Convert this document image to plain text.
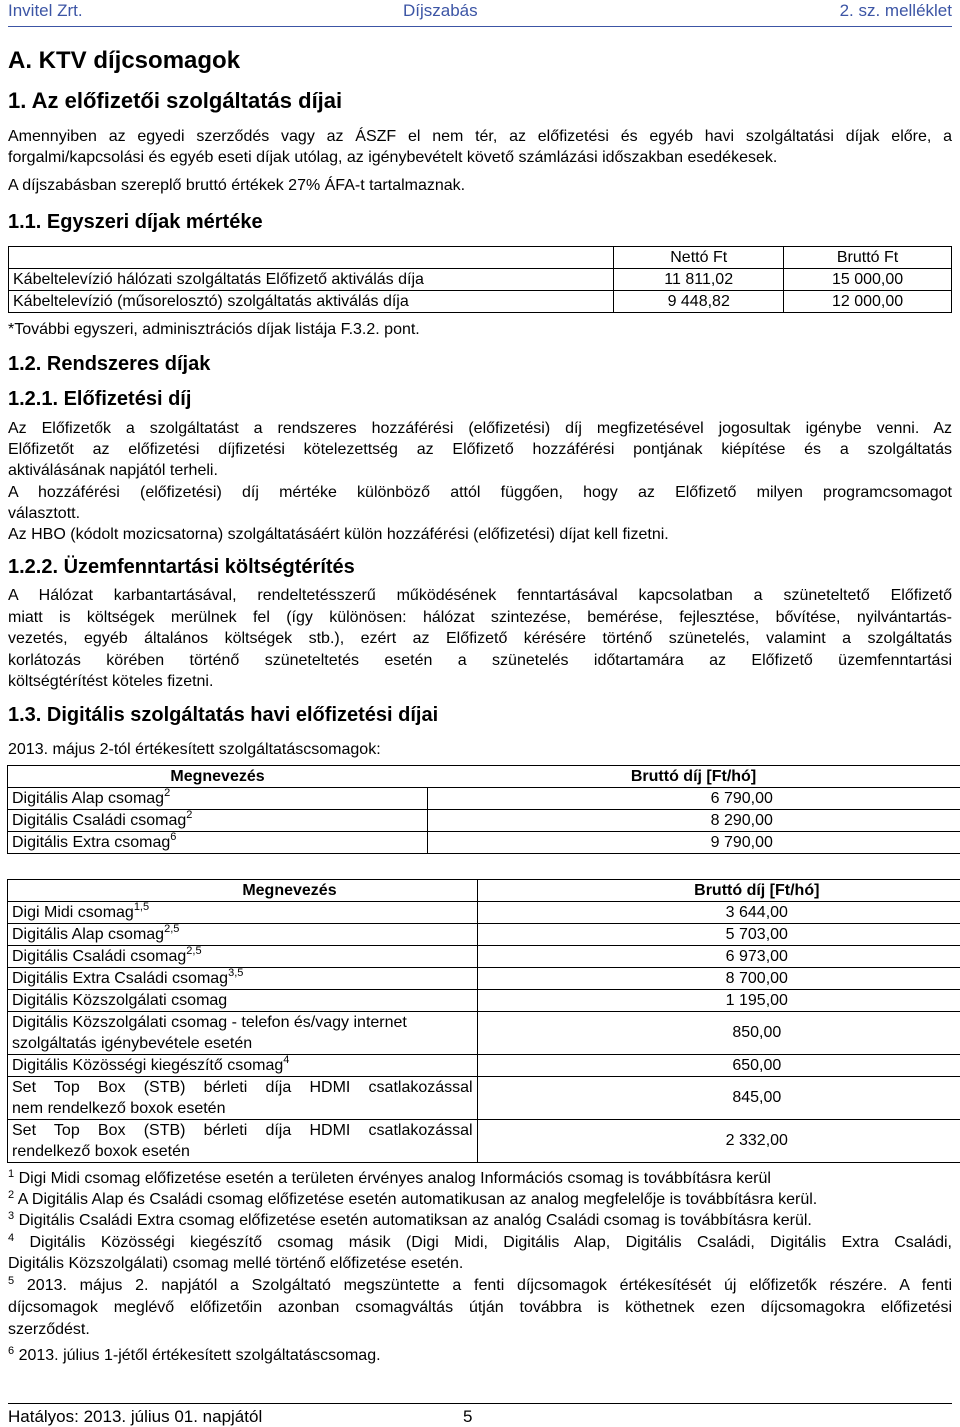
Invitel Zrt.	Díjszabás	2. sz. melléklet
A. KTV díjcsomagok
1. Az előfizetői szolgáltatás díjai
Amennyiben az egyedi szerződés vagy az ÁSZF el nem tér, az előfizetési és egyéb havi szolgáltatási díjak előre, a
forgalmi/kapcsolási és egyéb eseti díjak utólag, az igénybevételt követő számlázási időszakban esedékesek.
A díjszabásban szereplő bruttó értékek 27% ÁFA-t tartalmaznak.
1.1. Egyszeri díjak mértéke
	Nettó Ft	Bruttó Ft
Kábeltelevízió hálózati szolgáltatás Előfizető aktiválás díja	11 811,02	15 000,00
Kábeltelevízió (műsorelosztó) szolgáltatás aktiválás díja	9 448,82	12 000,00
*További egyszeri, adminisztrációs díjak listája F.3.2. pont.
1.2. Rendszeres díjak
1.2.1. Előfizetési díj
Az Előfizetők a szolgáltatást a rendszeres hozzáférési (előfizetési) díj megfizetésével jogosultak igénybe venni. Az
Előfizetőt az előfizetési díjfizetési kötelezettség az Előfizető hozzáférési pontjának kiépítése és a szolgáltatás
aktiválásának napjától terheli.
A hozzáférési (előfizetési) díj mértéke különböző attól függően, hogy az Előfizető milyen programcsomagot
választott.
Az HBO (kódolt mozicsatorna) szolgáltatásáért külön hozzáférési (előfizetési) díjat kell fizetni.
1.2.2. Üzemfenntartási költségtérítés
A Hálózat karbantartásával, rendeltetésszerű működésének fenntartásával kapcsolatban a szüneteltető Előfizető
miatt is költségek merülnek fel (így különösen: hálózat szintezése, bemérése, fejlesztése, bővítése, nyilvántartás-
vezetés, egyéb általános költségek stb.), ezért az Előfizető kérésére történő szünetelés, valamint a szolgáltatás
korlátozás körében történő szüneteltetés esetén a szünetelés időtartamára az Előfizető üzemfenntartási
költségtérítést köteles fizetni.
1.3. Digitális szolgáltatás havi előfizetési díjai
2013. május 2-tól értékesített szolgáltatáscsomagok:
Megnevezés	Bruttó díj [Ft/hó]
Digitális Alap csomag$^2$	6 790,00
Digitális Családi csomag$^2$	8 290,00
Digitális Extra csomag$^6$	9 790,00
Megnevezés	Bruttó díj [Ft/hó]
Digi Midi csomag$^{1,5}$	3 644,00
Digitális Alap csomag$^{2,5}$	5 703,00
Digitális Családi csomag$^{2,5}$	6 973,00
Digitális Extra Családi csomag$^{3,5}$	8 700,00
Digitális Közszolgálati csomag	1 195,00
Digitális Közszolgálati csomag - telefon és/vagy internet
szolgáltatás igénybevétele esetén	850,00
Digitális Közösségi kiegészítő csomag$^4$	650,00

Set Top Box (STB) bérleti díja HDMI csatlakozással
nem rendelkező boxok esetén	845,00

Set Top Box (STB) bérleti díja HDMI csatlakozással
rendelkező boxok esetén	2 332,00
$^1$ Digi Midi csomag előfizetése esetén a területen érvényes analog Információs csomag is továbbításra kerül
$^2$ A Digitális Alap és Családi csomag előfizetése esetén automatikusan az analog megfelelője is továbbításra kerül.
$^3$ Digitális Családi Extra csomag előfizetése esetén automatiksan az analóg Családi csomag is továbbításra kerül.
$^4$ Digitális Közösségi kiegészítő csomag másik (Digi Midi, Digitális Alap, Digitális Családi, Digitális Extra Családi,
Digitális Közszolgálati) csomag mellé történő előfizetése esetén.
$^5$ 2013. május 2. napjától a Szolgáltató megszüntette a fenti díjcsomagok értékesítését új előfizetők részére. A fenti
díjcsomagok meglévő előfizetőin azonban csomagváltás útján továbbra is köthetnek ezen díjcsomagokra előfizetési
szerződést.
$^6$ 2013. július 1-jétől értékesített szolgáltatáscsomag.
Hatályos: 2013. július 01. napjától	5
